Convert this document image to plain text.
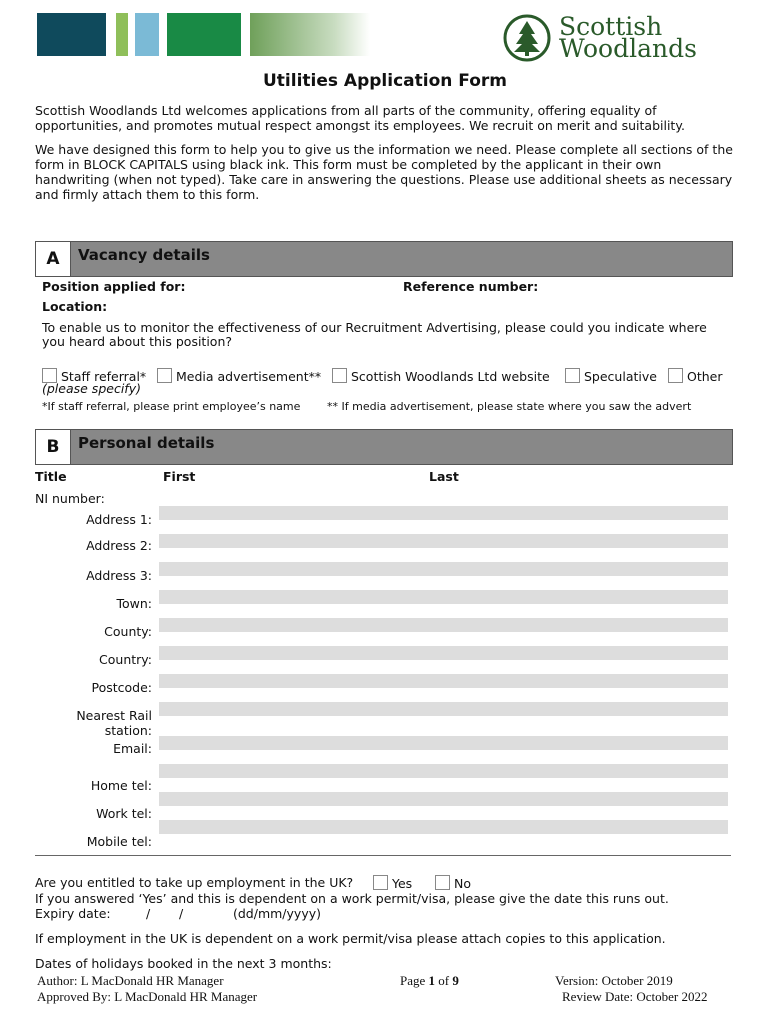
Scottish
Woodlands
Utilities Application Form
Scottish Woodlands Ltd welcomes applications from all parts of the community, offering equality of opportunities, and promotes mutual respect amongst its employees. We recruit on merit and suitability.
We have designed this form to help you to give us the information we need. Please complete all sections of the form in BLOCK CAPITALS using black ink. This form must be completed by the applicant in their own handwriting (when not typed). Take care in answering the questions. Please use additional sheets as necessary and firmly attach them to this form.
A	Vacancy details
Position applied for:	Reference number:
Location:
To enable us to monitor the effectiveness of our Recruitment Advertising, please could you indicate where you heard about this position?
Staff referral*	Media advertisement**	Scottish Woodlands Ltd website	Speculative	Other
(please specify)
*If staff referral, please print employee’s name ** If media advertisement, please state where you saw the advert
B	Personal details
Title	First	Last
NI number:
Address 1:
Address 2:
Address 3:
Town:
County:
Country:
Postcode:
Nearest Rail station:
Email:
Home tel:
Work tel:
Mobile tel:
Are you entitled to take up employment in the UK?	Yes	No
If you answered ‘Yes’ and this is dependent on a work permit/visa, please give the date this runs out.
Expiry date:	/ /	(dd/mm/yyyy)
If employment in the UK is dependent on a work permit/visa please attach copies to this application.
Dates of holidays booked in the next 3 months:
Author: L MacDonald HR Manager
Approved By: L MacDonald HR Manager
Page 1 of 9	Version: October 2019
Review Date: October 2022
